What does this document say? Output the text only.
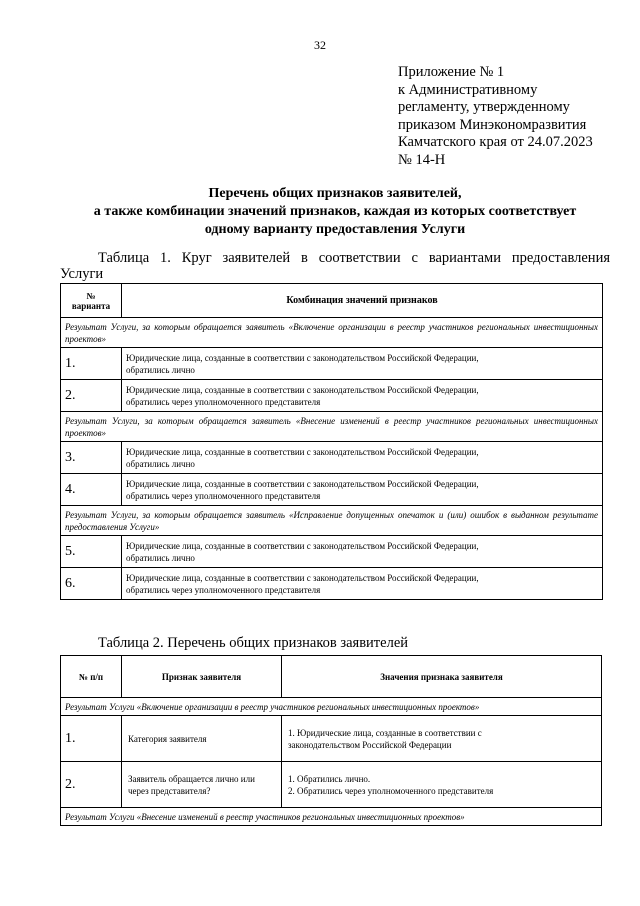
32
Приложение № 1
к Административному
регламенту, утвержденному
приказом Минэкономразвития
Камчатского края от 24.07.2023
№ 14-Н
Перечень общих признаков заявителей,
а также комбинации значений признаков, каждая из которых соответствует
одному варианту предоставления Услуги
Таблица 1. Круг заявителей в соответствии с вариантами предоставления
Услуги
№
варианта	Комбинация значений признаков
Результат Услуги, за которым обращается заявитель «Включение организации в реестр участников региональных инвестиционных проектов»	
1.	Юридические лица, созданные в соответствии с законодательством Российской Федерации,
обратились лично

2.	Юридические лица, созданные в соответствии с законодательством Российской Федерации,
обратились через уполномоченного представителя

Результат Услуги, за которым обращается заявитель «Внесение изменений в реестр участников региональных инвестиционных проектов»	
3.	Юридические лица, созданные в соответствии с законодательством Российской Федерации,
обратились лично

4.	Юридические лица, созданные в соответствии с законодательством Российской Федерации,
обратились через уполномоченного представителя

Результат Услуги, за которым обращается заявитель «Исправление допущенных опечаток и (или) ошибок в выданном результате предоставления Услуги»	
5.	Юридические лица, созданные в соответствии с законодательством Российской Федерации,
обратились лично

6.	Юридические лица, созданные в соответствии с законодательством Российской Федерации,
обратились через уполномоченного представителя
Таблица 2. Перечень общих признаков заявителей
№ п/п	Признак заявителя	Значения признака заявителя
Результат Услуги «Включение организации в реестр участников региональных инвестиционных проектов»		
1.	Категория заявителя	1. Юридические лица, созданные в соответствии с
законодательством Российской Федерации

2.	Заявитель обращается лично или через представителя?	1. Обратились лично.
2. Обратились через уполномоченного представителя

Результат Услуги «Внесение изменений в реестр участников региональных инвестиционных проектов»		
